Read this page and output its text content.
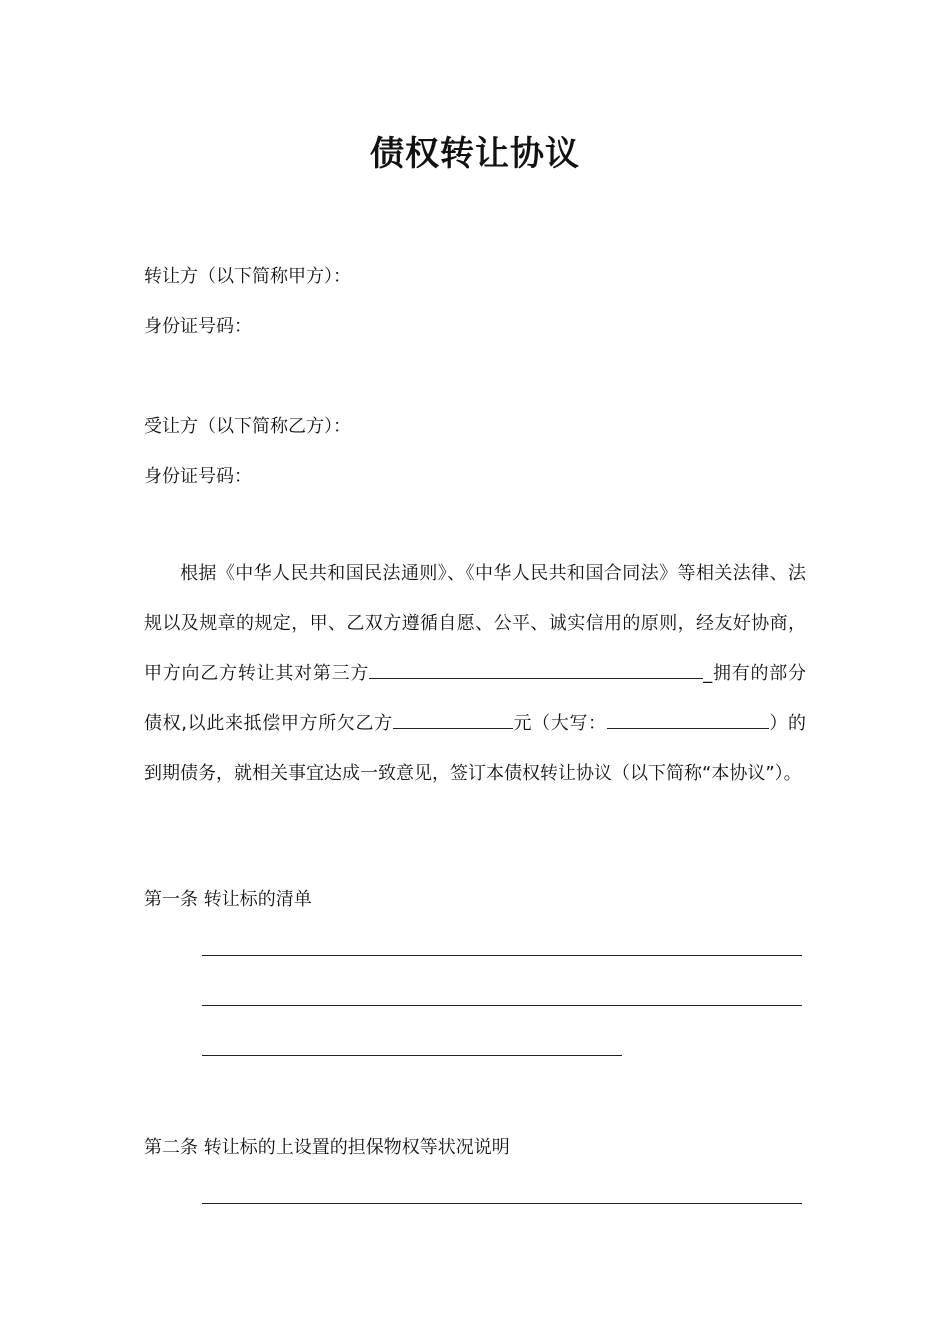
债权转让协议
转让方（以下简称甲方）：
身份证号码：
受让方（以下简称乙方）：
身份证号码：
根据《中华人民共和国民法通则》、《中华人民共和国合同法》等相关法律、法规以及规章的规定，甲、乙双方遵循自愿、公平、诚实信用的原则，经友好协商，甲方向乙方转让其对第三方	_拥有的部分债权,以此来抵偿甲方所欠乙方	元（大写：	）的到期债务，就相关事宜达成一致意见，签订本债权转让协议（以下简称“本协议”）。
第一条 转让标的清单
第二条 转让标的上设置的担保物权等状况说明
